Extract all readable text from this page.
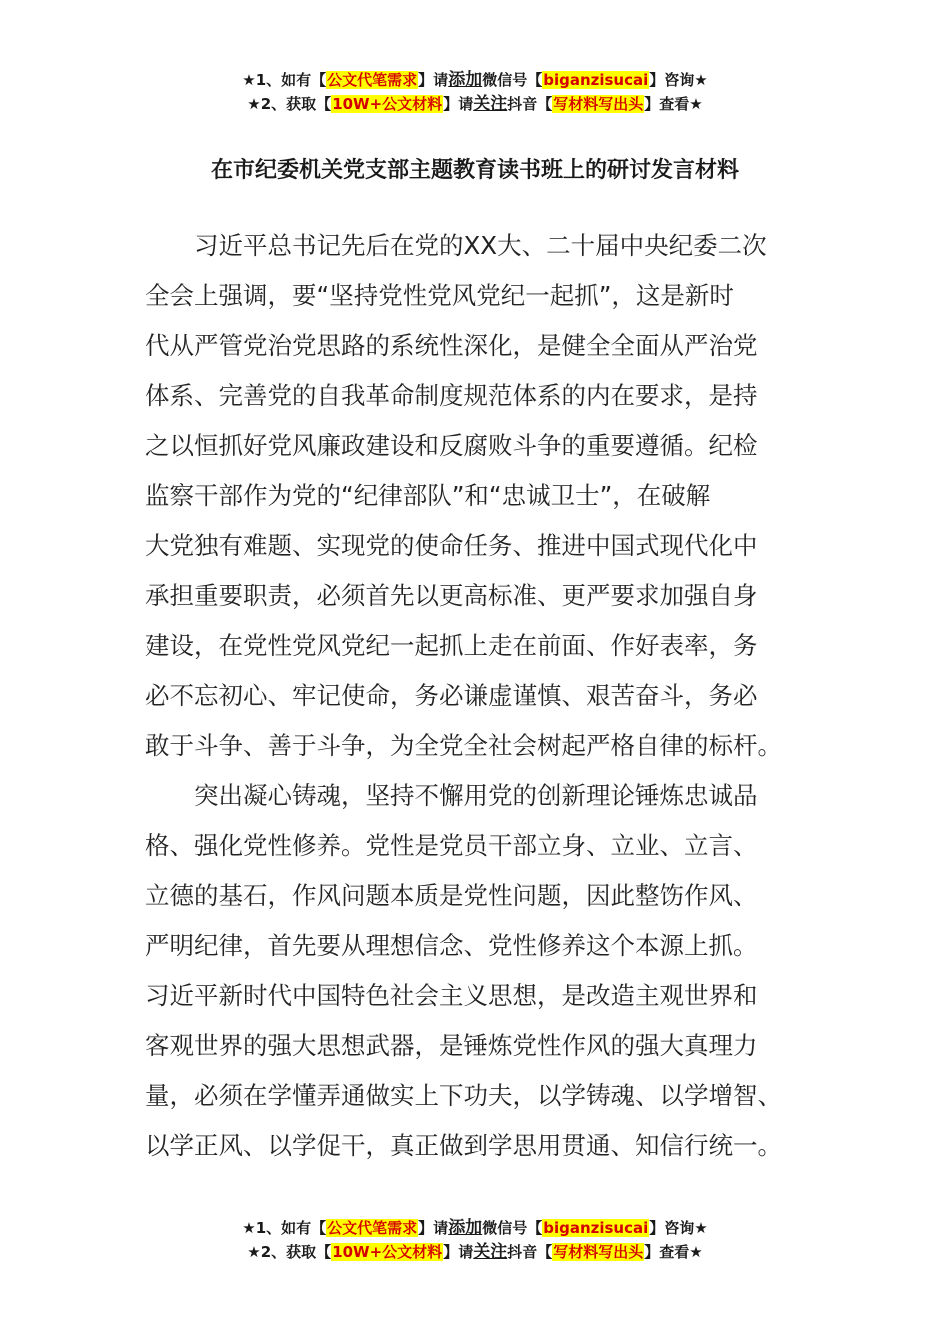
★1、如有【公文代笔需求】请添加微信号【biganzisucai】咨询★
★2、获取【10W+公文材料】请关注抖音【写材料写出头】查看★
在市纪委机关党支部主题教育读书班上的研讨发言材料
　　习近平总书记先后在党的XX大、二十届中央纪委二次
全会上强调，要“坚持党性党风党纪一起抓”，这是新时
代从严管党治党思路的系统性深化，是健全全面从严治党
体系、完善党的自我革命制度规范体系的内在要求，是持
之以恒抓好党风廉政建设和反腐败斗争的重要遵循。纪检
监察干部作为党的“纪律部队”和“忠诚卫士”，在破解
大党独有难题、实现党的使命任务、推进中国式现代化中
承担重要职责，必须首先以更高标准、更严要求加强自身
建设，在党性党风党纪一起抓上走在前面、作好表率，务
必不忘初心、牢记使命，务必谦虚谨慎、艰苦奋斗，务必
敢于斗争、善于斗争，为全党全社会树起严格自律的标杆。
　　突出凝心铸魂，坚持不懈用党的创新理论锤炼忠诚品
格、强化党性修养。党性是党员干部立身、立业、立言、
立德的基石，作风问题本质是党性问题，因此整饬作风、
严明纪律，首先要从理想信念、党性修养这个本源上抓。
习近平新时代中国特色社会主义思想，是改造主观世界和
客观世界的强大思想武器，是锤炼党性作风的强大真理力
量，必须在学懂弄通做实上下功夫，以学铸魂、以学增智、
以学正风、以学促干，真正做到学思用贯通、知信行统一。
★1、如有【公文代笔需求】请添加微信号【biganzisucai】咨询★
★2、获取【10W+公文材料】请关注抖音【写材料写出头】查看★
